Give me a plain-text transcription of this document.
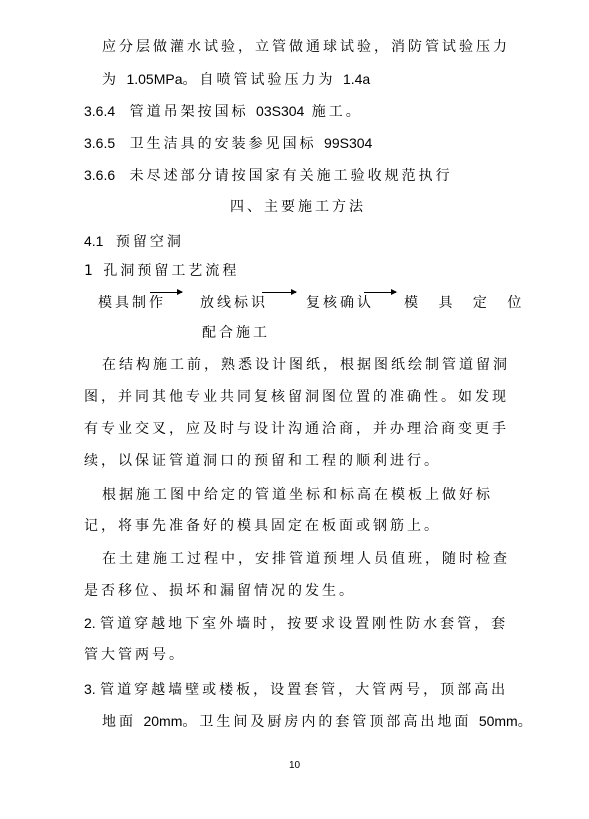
应分层做灌水试验，立管做通球试验，消防管试验压力
为 1.05MPa。自喷管试验压力为 1.4a
3.6.4 管道吊架按国标 03S304 施工。
3.6.5 卫生洁具的安装参见国标 99S304
3.6.6 未尽述部分请按国家有关施工验收规范执行
四、主要施工方法
4.1 预留空洞
1 孔洞预留工艺流程
模具制作 放线标识	复核确认 模 具 定 位
配合施工
在结构施工前，熟悉设计图纸，根据图纸绘制管道留洞
图，并同其他专业共同复核留洞图位置的准确性。如发现
有专业交叉，应及时与设计沟通洽商，并办理洽商变更手
续，以保证管道洞口的预留和工程的顺利进行。
根据施工图中给定的管道坐标和标高在模板上做好标
记，将事先准备好的模具固定在板面或钢筋上。
在土建施工过程中，安排管道预埋人员值班，随时检查
是否移位、损坏和漏留情况的发生。
2. 管道穿越地下室外墙时，按要求设置刚性防水套管，套
管大管两号。
3. 管道穿越墙壁或楼板，设置套管，大管两号，顶部高出
地面 20mm。卫生间及厨房内的套管顶部高出地面 50mm。
10
